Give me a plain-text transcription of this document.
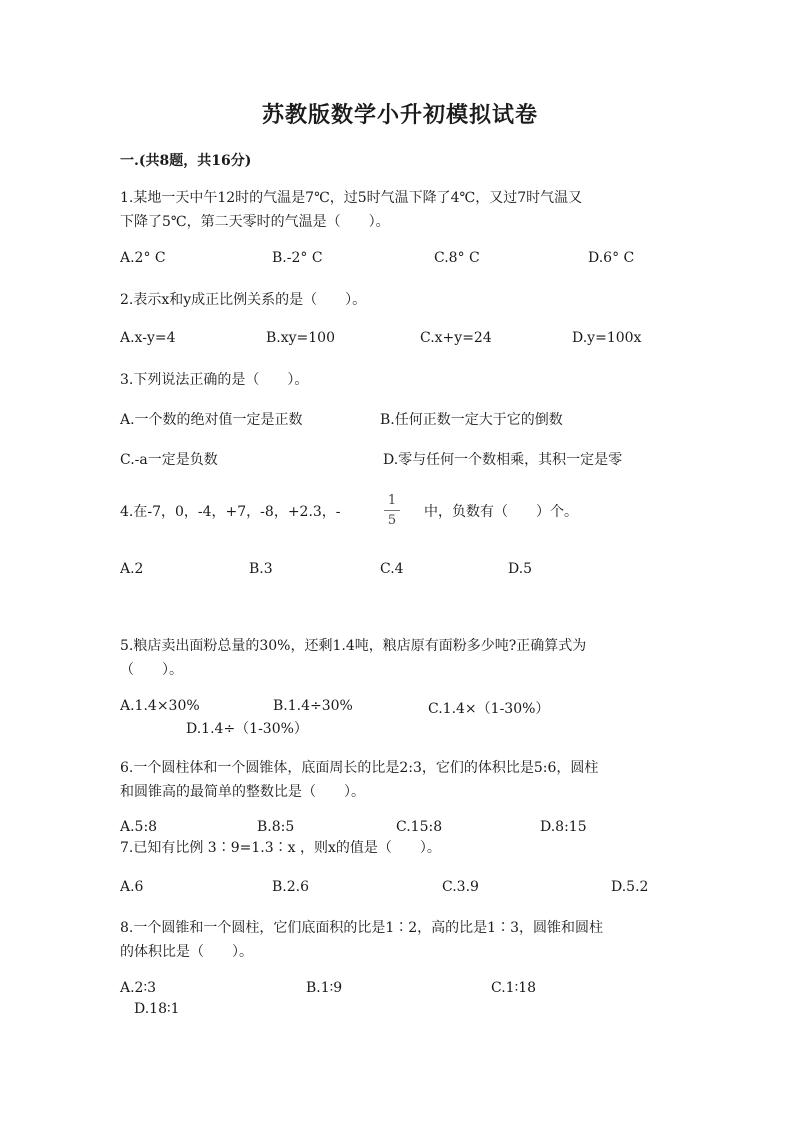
苏教版数学小升初模拟试卷
一.(共8题，共16分)
1.某地一天中午12时的气温是7℃，过5时气温下降了4℃，又过7时气温又
下降了5℃，第二天零时的气温是（　　）。
A.2° C	B.-2° C	C.8° C	D.6° C
2.表示x和y成正比例关系的是（　　）。
A.x-y=4	B.xy=100	C.x+y=24	D.y=100x
3.下列说法正确的是（　　）。
A.一个数的绝对值一定是正数	B.任何正数一定大于它的倒数
C.-a一定是负数	D.零与任何一个数相乘，其积一定是零
4.在-7，0，-4，+7，-8，+2.3，-
1
5
中，负数有（　　）个。
A.2	B.3	C.4	D.5
5.粮店卖出面粉总量的30%，还剩1.4吨，粮店原有面粉多少吨?正确算式为
（　　）。
A.1.4×30%	B.1.4÷30%	C.1.4×（1-30%）
D.1.4÷（1-30%）
6.一个圆柱体和一个圆锥体，底面周长的比是2:3，它们的体积比是5:6，圆柱
和圆锥高的最简单的整数比是（　　）。
A.5:8	B.8:5	C.15:8	D.8:15
7.已知有比例 3∶9=1.3∶x ，则x的值是（　　）。
A.6	B.2.6	C.3.9	D.5.2
8.一个圆锥和一个圆柱，它们底面积的比是1∶2，高的比是1∶3，圆锥和圆柱
的体积比是（　　）。
A.2∶3	B.1∶9	C.1∶18
D.18∶1
